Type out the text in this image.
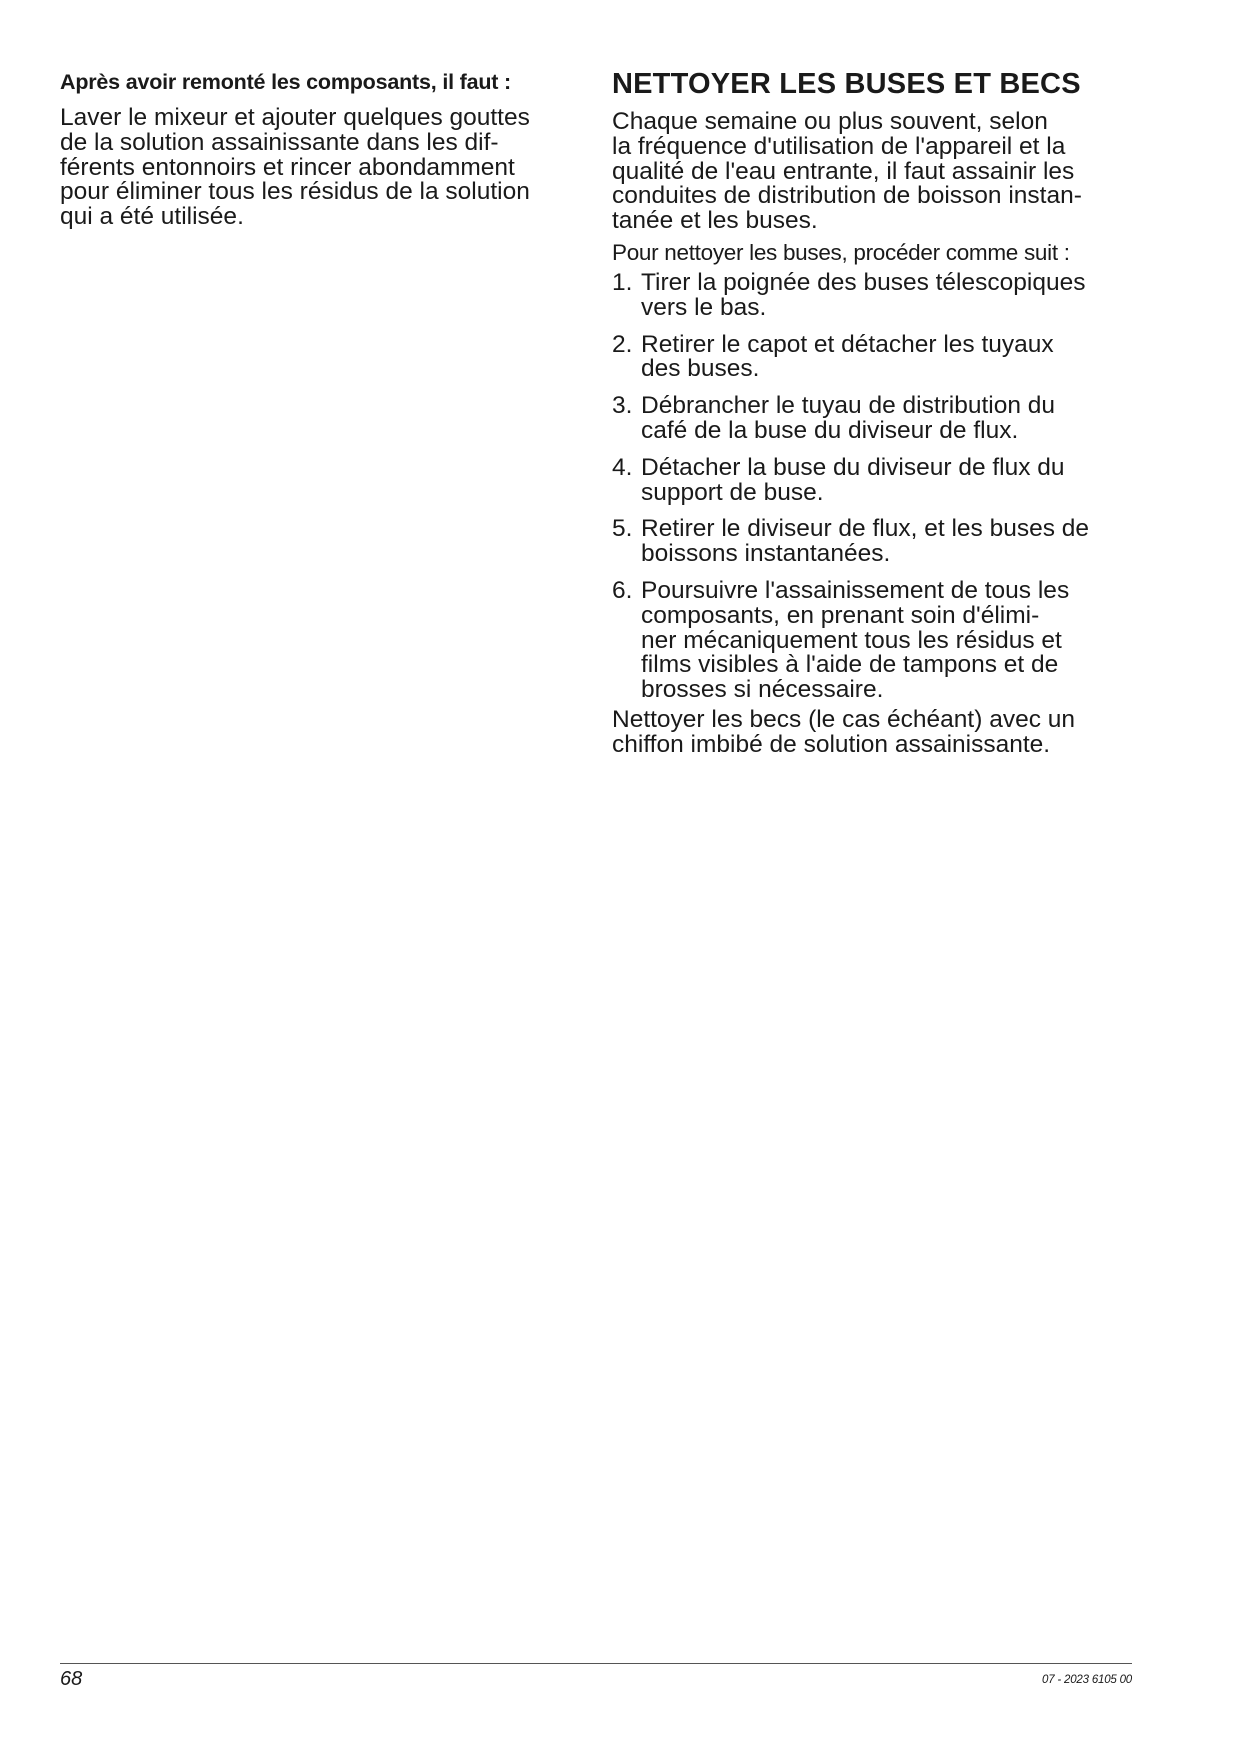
Après avoir remonté les composants, il faut :

Laver le mixeur et ajouter quelques gouttes
de la solution assainissante dans les dif-
férents entonnoirs et rincer abondamment
pour éliminer tous les résidus de la solution
qui a été utilisée.

NETTOYER LES BUSES ET BECS

Chaque semaine ou plus souvent, selon
la fréquence d'utilisation de l'appareil et la
qualité de l'eau entrante, il faut assainir les
conduites de distribution de boisson instan-
tanée et les buses.

Pour nettoyer les buses, procéder comme suit :

1. Tirer la poignée des buses télescopiques
vers le bas.
2. Retirer le capot et détacher les tuyaux
des buses.
3. Débrancher le tuyau de distribution du
café de la buse du diviseur de flux.
4. Détacher la buse du diviseur de flux du
support de buse.
5. Retirer le diviseur de flux, et les buses de
boissons instantanées.
6. Poursuivre l'assainissement de tous les
composants, en prenant soin d'élimi-
ner mécaniquement tous les résidus et
films visibles à l'aide de tampons et de
brosses si nécessaire.

Nettoyer les becs (le cas échéant) avec un
chiffon imbibé de solution assainissante.

68	07 - 2023 6105 00
